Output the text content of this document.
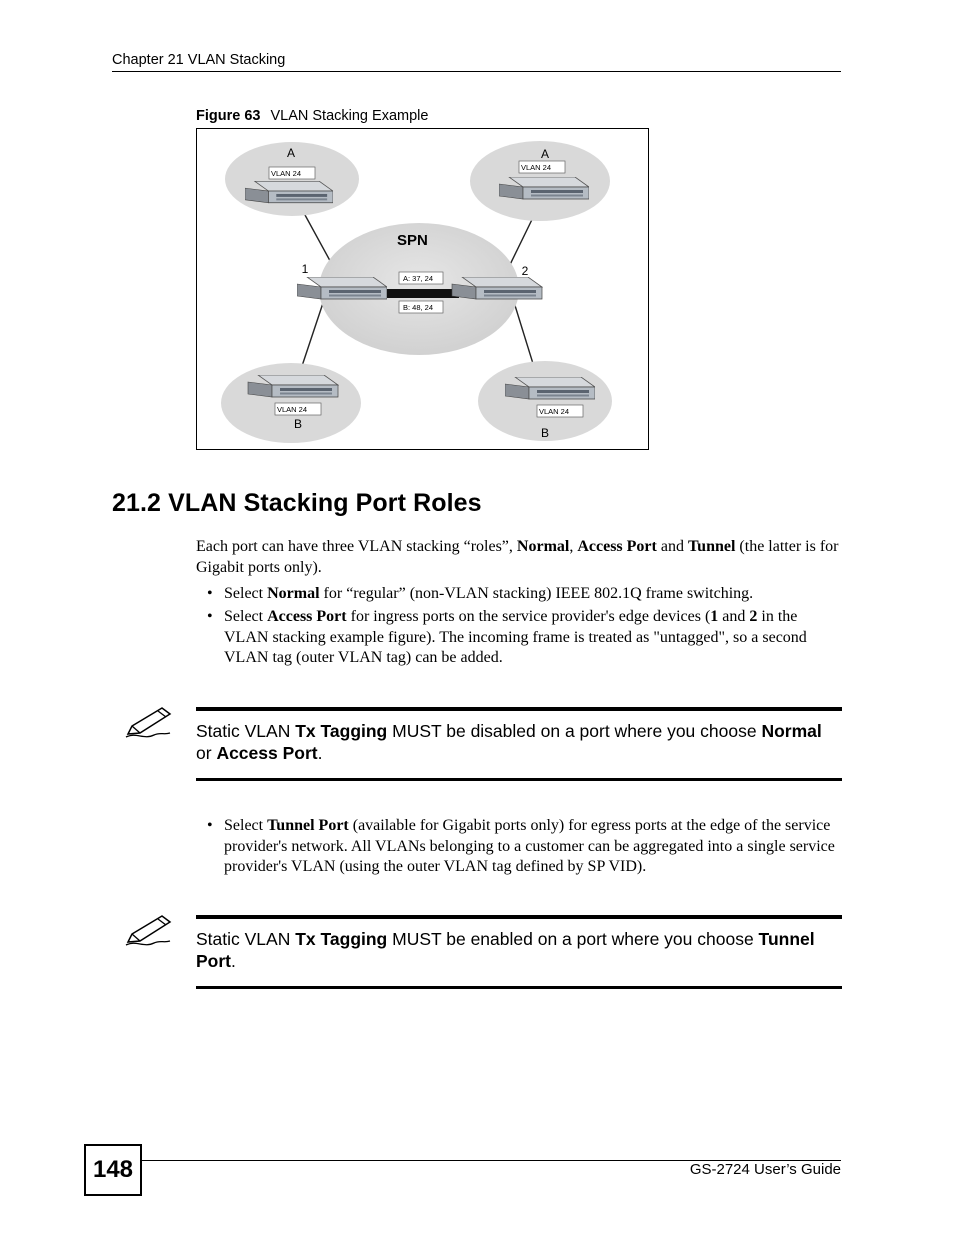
Chapter 21 VLAN Stacking
Figure 63 VLAN Stacking Example
A	A
B
B
VLAN 24
VLAN 24
VLAN 24	VLAN 24
SPN
1	2
A: 37, 24
B: 48, 24
21.2 VLAN Stacking Port Roles
Each port can have three VLAN stacking “roles”, Normal, Access Port and Tunnel (the latter is for Gigabit ports only).
• Select Normal for “regular” (non-VLAN stacking) IEEE 802.1Q frame switching.
• Select Access Port for ingress ports on the service provider's edge devices (1 and 2 in the VLAN stacking example figure). The incoming frame is treated as "untagged", so a second VLAN tag (outer VLAN tag) can be added.
Static VLAN Tx Tagging MUST be disabled on a port where you choose Normal or Access Port.
• Select Tunnel Port (available for Gigabit ports only) for egress ports at the edge of the service provider's network. All VLANs belonging to a customer can be aggregated into a single service provider's VLAN (using the outer VLAN tag defined by SP VID).
Static VLAN Tx Tagging MUST be enabled on a port where you choose Tunnel Port.
148	GS-2724 User’s Guide
